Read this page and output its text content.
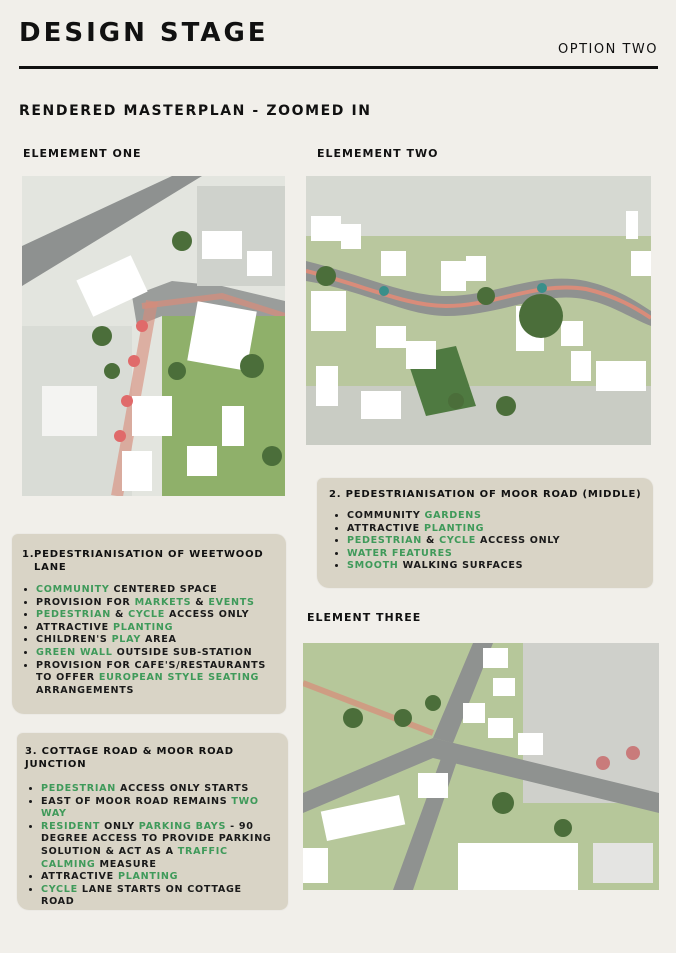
DESIGN STAGE
OPTION TWO
RENDERED MASTERPLAN - ZOOMED IN
ELEMEMENT ONE	ELEMEMENT TWO
ELEMENT THREE
1. PEDESTRIANISATION OF WEETWOOD LANE
• COMMUNITY CENTERED SPACE
• PROVISION FOR MARKETS & EVENTS
• PEDESTRIAN & CYCLE ACCESS ONLY
• ATTRACTIVE PLANTING
• CHILDREN'S PLAY AREA
• GREEN WALL OUTSIDE SUB-STATION
• PROVISION FOR CAFE'S/RESTAURANTS TO OFFER EUROPEAN STYLE SEATING ARRANGEMENTS
2. PEDESTRIANISATION OF MOOR ROAD (MIDDLE)
• COMMUNITY GARDENS
• ATTRACTIVE PLANTING
• PEDESTRIAN & CYCLE ACCESS ONLY
• WATER FEATURES
• SMOOTH WALKING SURFACES
3. COTTAGE ROAD & MOOR ROAD JUNCTION
• PEDESTRIAN ACCESS ONLY STARTS
• EAST OF MOOR ROAD REMAINS TWO WAY
• RESIDENT ONLY PARKING BAYS - 90 DEGREE ACCESS TO PROVIDE PARKING SOLUTION & ACT AS A TRAFFIC CALMING MEASURE
• ATTRACTIVE PLANTING
• CYCLE LANE STARTS ON COTTAGE ROAD
